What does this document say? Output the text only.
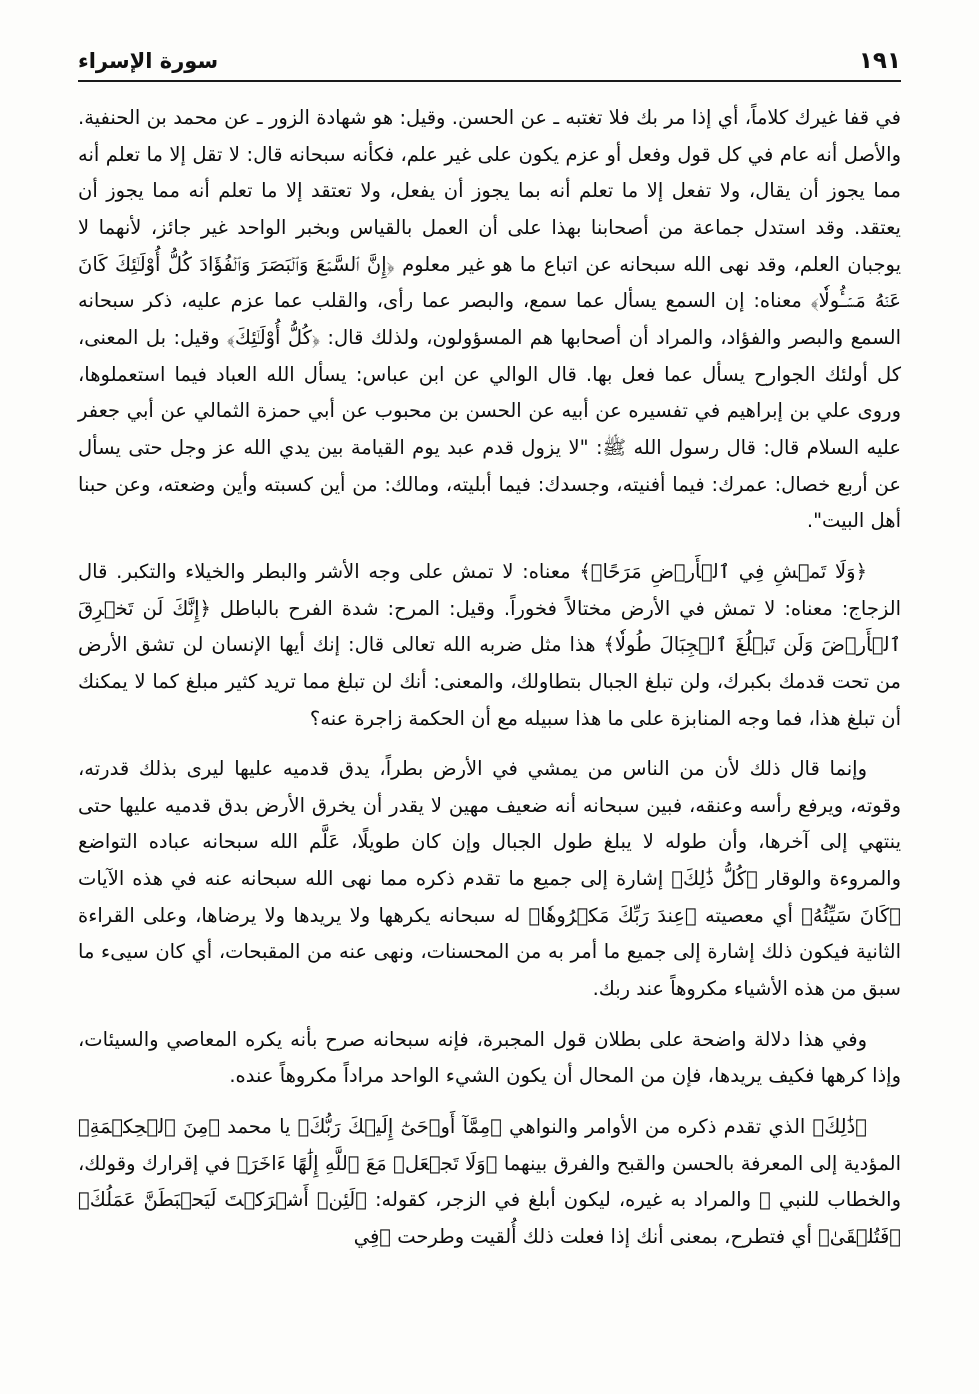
سورة الإسراء	١٩١

في قفا غيرك كلاماً، أي إذا مر بك فلا تغتبه ـ عن الحسن. وقيل: هو شهادة الزور ـ عن محمد بن الحنفية. والأصل أنه عام في كل قول وفعل أو عزم يكون على غير علم، فكأنه سبحانه قال: لا تقل إلا ما تعلم أنه مما يجوز أن يقال، ولا تفعل إلا ما تعلم أنه بما يجوز أن يفعل، ولا تعتقد إلا ما تعلم أنه مما يجوز أن يعتقد. وقد استدل جماعة من أصحابنا بهذا على أن العمل بالقياس وبخبر الواحد غير جائز، لأنهما لا يوجبان العلم، وقد نهى الله سبحانه عن اتباع ما هو غير معلوم ﴿إِنَّ ٱلسَّمۡعَ وَٱلۡبَصَرَ وَٱلۡفُؤَادَ كُلُّ أُوْلَـٰۤئِكَ كَانَ عَنۡهُ مَسۡـُٔولٗا﴾ معناه: إن السمع يسأل عما سمع، والبصر عما رأى، والقلب عما عزم عليه، ذكر سبحانه السمع والبصر والفؤاد، والمراد أن أصحابها هم المسؤولون، ولذلك قال: ﴿كُلُّ أُوْلَـٰۤئِكَ﴾ وقيل: بل المعنى، كل أولئك الجوارح يسأل عما فعل بها. قال الوالي عن ابن عباس: يسأل الله العباد فيما استعملوها، وروى علي بن إبراهيم في تفسيره عن أبيه عن الحسن بن محبوب عن أبي حمزة الثمالي عن أبي جعفر عليه السلام قال: قال رسول الله ﷺ: "لا يزول قدم عبد يوم القيامة بين يدي الله عز وجل حتى يسأل عن أربع خصال: عمرك: فيما أفنيته، وجسدك: فيما أبليته، ومالك: من أين كسبته وأين وضعته، وعن حبنا أهل البيت".

﴿وَلَا تَمۡشِ فِي ٱلۡأَرۡضِ مَرَحًاۖ﴾ معناه: لا تمش على وجه الأشر والبطر والخيلاء والتكبر. قال الزجاج: معناه: لا تمش في الأرض مختالاً فخوراً. وقيل: المرح: شدة الفرح بالباطل ﴿إِنَّكَ لَن تَخۡرِقَ ٱلۡأَرۡضَ وَلَن تَبۡلُغَ ٱلۡجِبَالَ طُولٗا﴾ هذا مثل ضربه الله تعالى قال: إنك أيها الإنسان لن تشق الأرض من تحت قدمك بكبرك، ولن تبلغ الجبال بتطاولك، والمعنى: أنك لن تبلغ مما تريد كثير مبلغ كما لا يمكنك أن تبلغ هذا، فما وجه المنابزة على ما هذا سبيله مع أن الحكمة زاجرة عنه؟

وإنما قال ذلك لأن من الناس من يمشي في الأرض بطراً، يدق قدميه عليها ليرى بذلك قدرته، وقوته، ويرفع رأسه وعنقه، فبين سبحانه أنه ضعيف مهين لا يقدر أن يخرق الأرض بدق قدميه عليها حتى ينتهي إلى آخرها، وأن طوله لا يبلغ طول الجبال وإن كان طويلًا، عَلَّم الله سبحانه عباده التواضع والمروءة والوقار ﴿كُلُّ ذَٰلِكَ﴾ إشارة إلى جميع ما تقدم ذكره مما نهى الله سبحانه عنه في هذه الآيات ﴿كَانَ سَيِّئُهُ﴾ أي معصيته ﴿عِندَ رَبِّكَ مَكۡرُوهٗا﴾ له سبحانه يكرهها ولا يريدها ولا يرضاها، وعلى القراءة الثانية فيكون ذلك إشارة إلى جميع ما أمر به من المحسنات، ونهى عنه من المقبحات، أي كان سيىء ما سبق من هذه الأشياء مكروهاً عند ربك.

وفي هذا دلالة واضحة على بطلان قول المجبرة، فإنه سبحانه صرح بأنه يكره المعاصي والسيئات، وإذا كرهها فكيف يريدها، فإن من المحال أن يكون الشيء الواحد مراداً مكروهاً عنده.

﴿ذَٰلِكَ﴾ الذي تقدم ذكره من الأوامر والنواهي ﴿مِمَّآ أَوۡحَىٰٓ إِلَيۡكَ رَبُّكَ﴾ يا محمد ﴿مِنَ ٱلۡحِكۡمَةِ﴾ المؤدية إلى المعرفة بالحسن والقبح والفرق بينهما ﴿وَلَا تَجۡعَلۡ مَعَ ٱللَّهِ إِلَٰهًا ءَاخَرَ﴾ في إقرارك وقولك، والخطاب للنبي ﷺ والمراد به غيره، ليكون أبلغ في الزجر، كقوله: ﴿لَئِنۡ أَشۡرَكۡتَ لَيَحۡبَطَنَّ عَمَلُكَ﴾ ﴿فَتُلۡقَىٰ﴾ أي فتطرح، بمعنى أنك إذا فعلت ذلك أُلقيت وطرحت ﴿فِي
